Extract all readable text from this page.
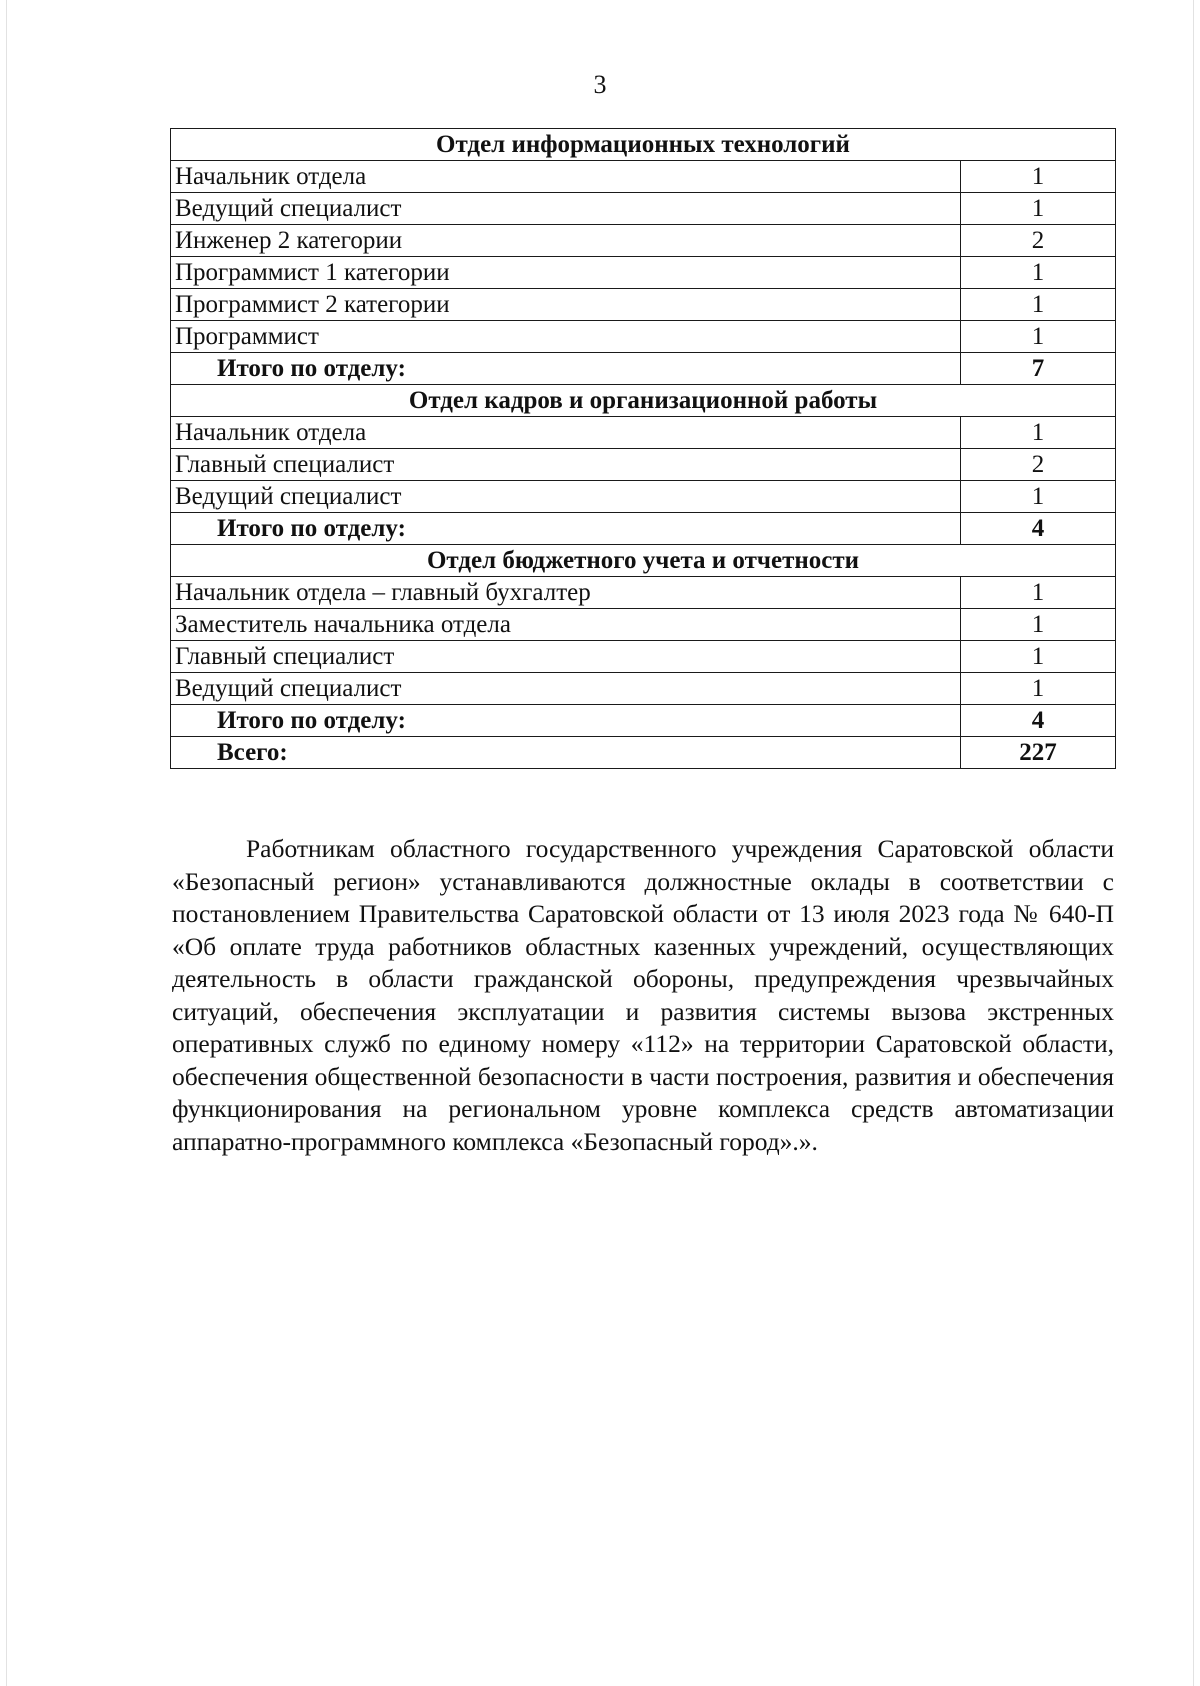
3
Отдел информационных технологий	
Начальник отдела	1
Ведущий специалист	1
Инженер 2 категории	2
Программист 1 категории	1
Программист 2 категории	1
Программист	1
Итого по отделу:	7
Отдел кадров и организационной работы	
Начальник отдела	1
Главный специалист	2
Ведущий специалист	1
Итого по отделу:	4
Отдел бюджетного учета и отчетности	
Начальник отдела – главный бухгалтер	1
Заместитель начальника отдела	1
Главный специалист	1
Ведущий специалист	1
Итого по отделу:	4
Всего:	227

Работникам областного государственного учреждения Саратовской области «Безопасный регион» устанавливаются должностные оклады в соответствии с постановлением Правительства Саратовской области от 13 июля 2023 года № 640-П «Об оплате труда работников областных казенных учреждений, осуществляющих деятельность в области гражданской обороны, предупреждения чрезвычайных ситуаций, обеспечения эксплуатации и развития системы вызова экстренных оперативных служб по единому номеру «112» на территории Саратовской области, обеспечения общественной безопасности в части построения, развития и обеспечения функционирования на региональном уровне комплекса средств автоматизации аппаратно-программного комплекса «Безопасный город».».
